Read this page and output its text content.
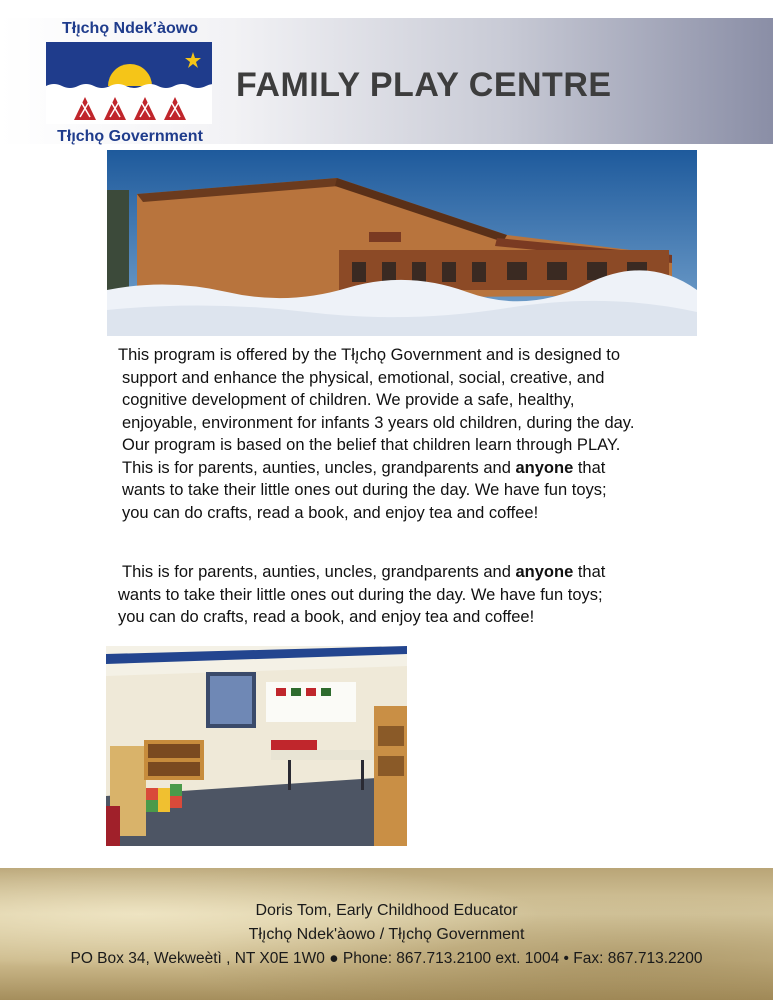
Tłı̨chǫ Ndek’àowo
Tłı̨chǫ Government
FAMILY PLAY CENTRE

This program is offered by the Tłı̨chǫ Government and is designed to

support and enhance the physical, emotional, social, creative, and

cognitive development of children. We provide a safe, healthy,

enjoyable, environment for infants 3 years old children, during the day.

Our program is based on the belief that children learn through PLAY.

This is for parents, aunties, uncles, grandparents and anyone that

wants to take their little ones out during the day. We have fun toys;

you can do crafts, read a book, and enjoy tea and coffee!

This is for parents, aunties, uncles, grandparents and anyone that

wants to take their little ones out during the day. We have fun toys;

you can do crafts, read a book, and enjoy tea and coffee!

Doris Tom, Early Childhood Educator
Tłı̨chǫ Ndek'àowo / Tłı̨chǫ Government
PO Box 34, Wekweètì , NT X0E 1W0 ● Phone: 867.713.2100 ext. 1004 • Fax: 867.713.2200
